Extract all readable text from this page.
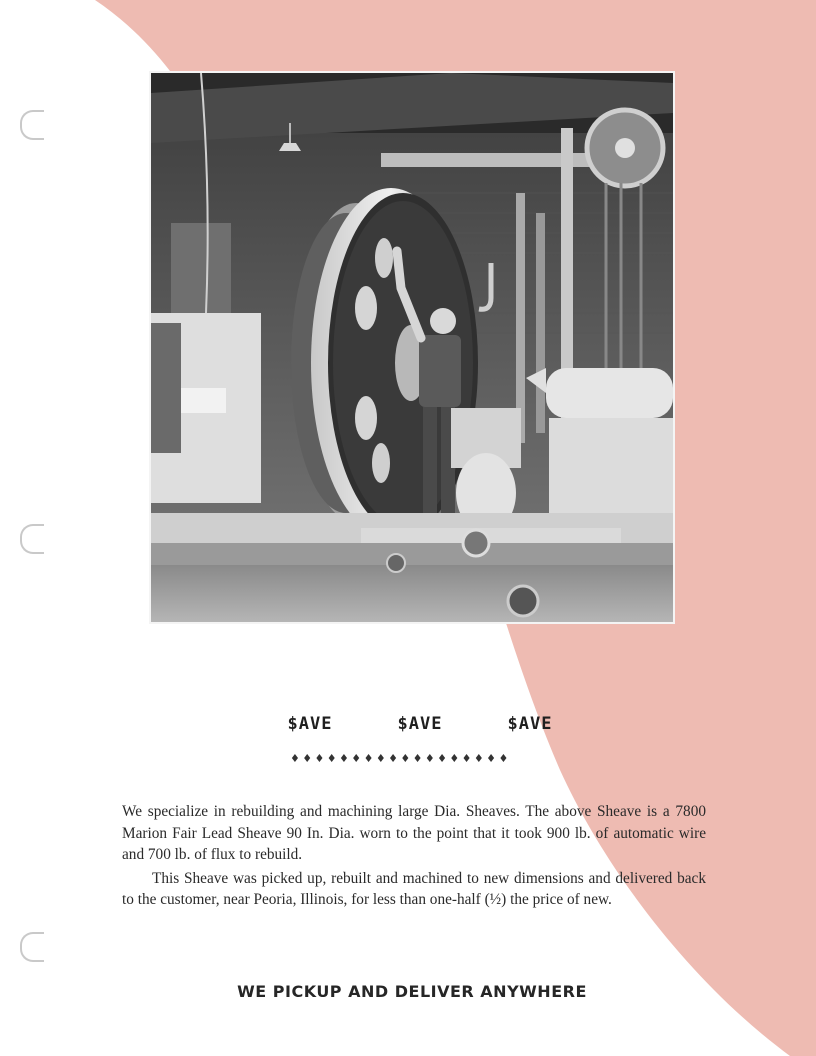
$AVE	$AVE	$AVE
♦♦♦♦♦♦♦♦♦♦♦♦♦♦♦♦♦♦

We specialize in rebuilding and machining large Dia. Sheaves. The above Sheave is a 7800 Marion Fair Lead Sheave 90 In. Dia. worn to the point that it took 900 lb. of automatic wire and 700 lb. of flux to rebuild.

This Sheave was picked up, rebuilt and machined to new dimensions and delivered back to the customer, near Peoria, Illinois, for less than one-half (½) the price of new.

WE PICKUP AND DELIVER ANYWHERE
